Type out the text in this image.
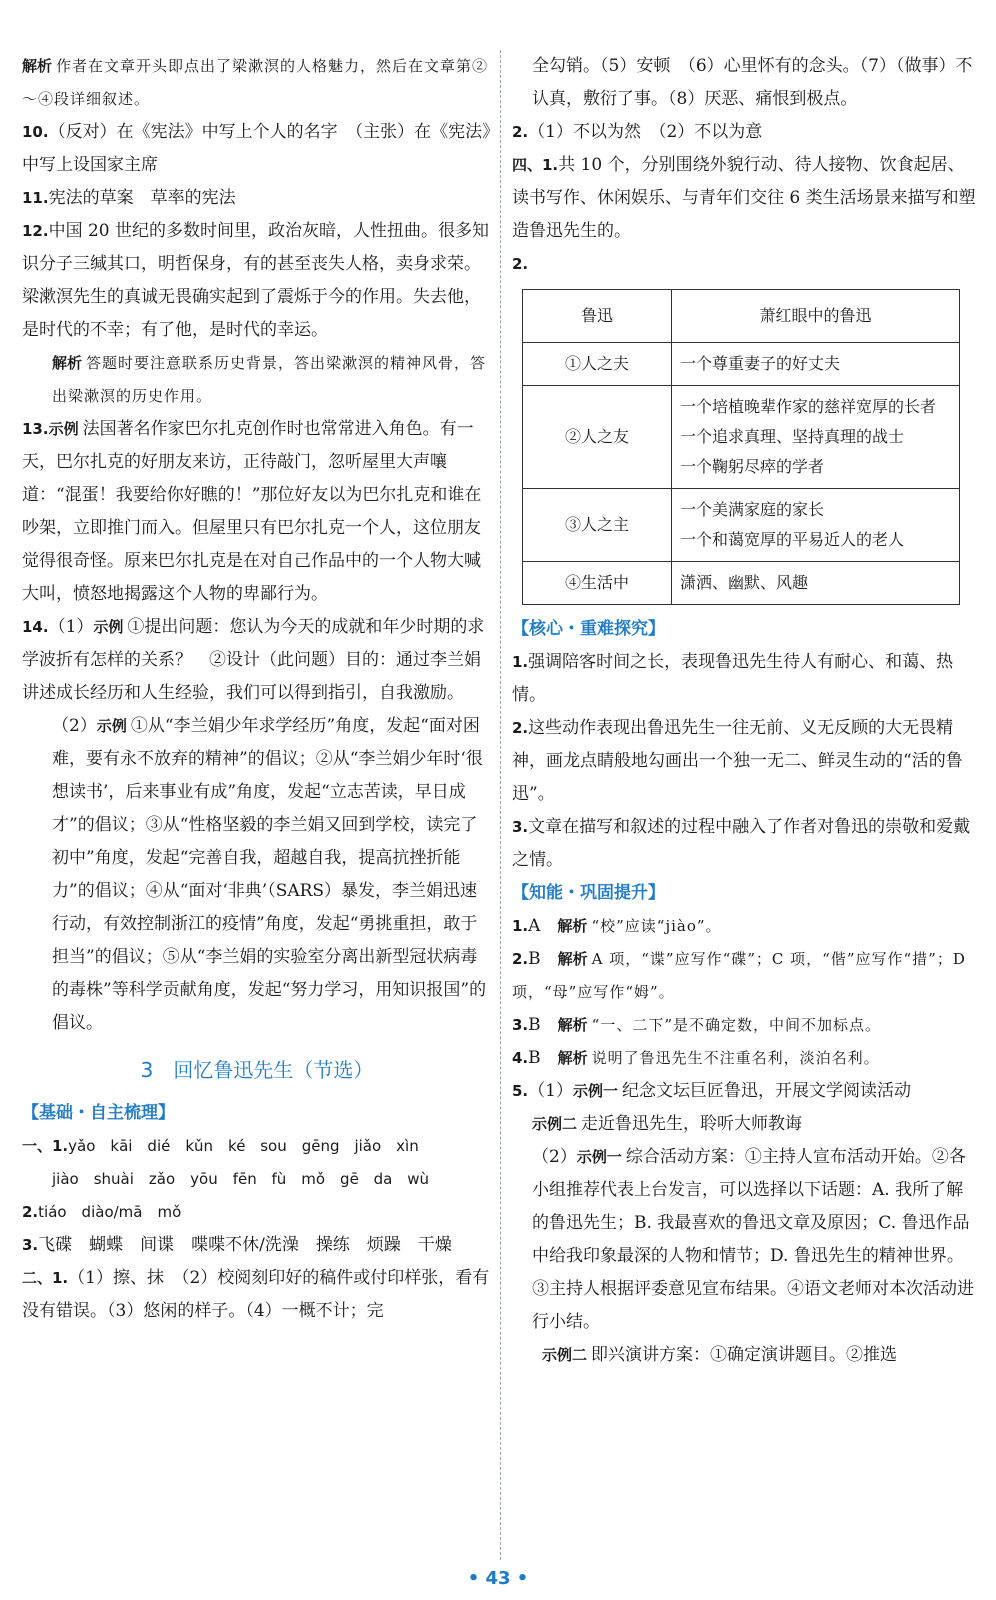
解析 作者在文章开头即点出了梁漱溟的人格魅力，然后在文章第②～④段详细叙述。

10.（反对）在《宪法》中写上个人的名字　（主张）在《宪法》中写上设国家主席

11.宪法的草案　草率的宪法

12.中国 20 世纪的多数时间里，政治灰暗，人性扭曲。很多知识分子三缄其口，明哲保身，有的甚至丧失人格，卖身求荣。梁漱溟先生的真诚无畏确实起到了震烁于今的作用。失去他，是时代的不幸；有了他，是时代的幸运。

解析 答题时要注意联系历史背景，答出梁漱溟的精神风骨，答出梁漱溟的历史作用。

13.示例 法国著名作家巴尔扎克创作时也常常进入角色。有一天，巴尔扎克的好朋友来访，正待敲门，忽听屋里大声嚷道：“混蛋！我要给你好瞧的！”那位好友以为巴尔扎克和谁在吵架，立即推门而入。但屋里只有巴尔扎克一个人，这位朋友觉得很奇怪。原来巴尔扎克是在对自己作品中的一个人物大喊大叫，愤怒地揭露这个人物的卑鄙行为。

14.（1）示例 ①提出问题：您认为今天的成就和年少时期的求学波折有怎样的关系？　②设计（此问题）目的：通过李兰娟讲述成长经历和人生经验，我们可以得到指引，自我激励。

（2）示例 ①从“李兰娟少年求学经历”角度，发起“面对困难，要有永不放弃的精神”的倡议；②从“李兰娟少年时‘很想读书’，后来事业有成”角度，发起“立志苦读，早日成才”的倡议；③从“性格坚毅的李兰娟又回到学校，读完了初中”角度，发起“完善自我，超越自我，提高抗挫折能力”的倡议；④从“面对‘非典’（SARS）暴发，李兰娟迅速行动，有效控制浙江的疫情”角度，发起“勇挑重担，敢于担当”的倡议；⑤从“李兰娟的实验室分离出新型冠状病毒的毒株”等科学贡献角度，发起“努力学习，用知识报国”的倡议。

3　 回忆鲁迅先生（节选）
【基础・自主梳理】

一、1.yǎo　kāi　dié　kǔn　ké sou　gēng　jiǎo　xìn

jiào　shuài　zǎo　yōu　fēn fù　mǒ　gē da　wù

2.tiáo　diào/mā　mǒ

3.飞碟　蝴蝶　间谍　喋喋不休/洗澡　操练　烦躁　干燥

二、1.（1）擦、抹　（2）校阅刻印好的稿件或付印样张，看有没有错误。（3）悠闲的样子。（4）一概不计；完

全勾销。（5）安顿　（6）心里怀有的念头。（7）（做事）不认真，敷衍了事。（8）厌恶、痛恨到极点。

2.（1）不以为然　（2）不以为意

四、1.共 10 个，分别围绕外貌行动、待人接物、饮食起居、读书写作、休闲娱乐、与青年们交往 6 类生活场景来描写和塑造鲁迅先生的。

2.

鲁迅	萧红眼中的鲁迅
①人之夫	一个尊重妻子的好丈夫

②人之友	一个培植晚辈作家的慈祥宽厚的长者
一个追求真理、坚持真理的战士
一个鞠躬尽瘁的学者

③人之主	一个美满家庭的家长
一个和蔼宽厚的平易近人的老人

④生活中	潇洒、幽默、风趣
【核心・重难探究】

1.强调陪客时间之长，表现鲁迅先生待人有耐心、和蔼、热情。

2.这些动作表现出鲁迅先生一往无前、义无反顾的大无畏精神，画龙点睛般地勾画出一个独一无二、鲜灵生动的“活的鲁迅”。

3.文章在描写和叙述的过程中融入了作者对鲁迅的崇敬和爱戴之情。

【知能・巩固提升】

1.A　 解析 “校”应读“jiào”。

2.B　 解析 A 项，“谍”应写作“碟”；C 项，“偕”应写作“措”；D 项，“母”应写作“姆”。

3.B　 解析 “一、二下”是不确定数，中间不加标点。

4.B　 解析 说明了鲁迅先生不注重名利，淡泊名利。

5.（1）示例一 纪念文坛巨匠鲁迅，开展文学阅读活动

示例二 走近鲁迅先生，聆听大师教诲

（2）示例一 综合活动方案：①主持人宣布活动开始。②各小组推荐代表上台发言，可以选择以下话题：A. 我所了解的鲁迅先生；B. 我最喜欢的鲁迅文章及原因；C. 鲁迅作品中给我印象最深的人物和情节；D. 鲁迅先生的精神世界。③主持人根据评委意见宣布结果。④语文老师对本次活动进行小结。

示例二 即兴演讲方案：①确定演讲题目。②推选

• 43 •
